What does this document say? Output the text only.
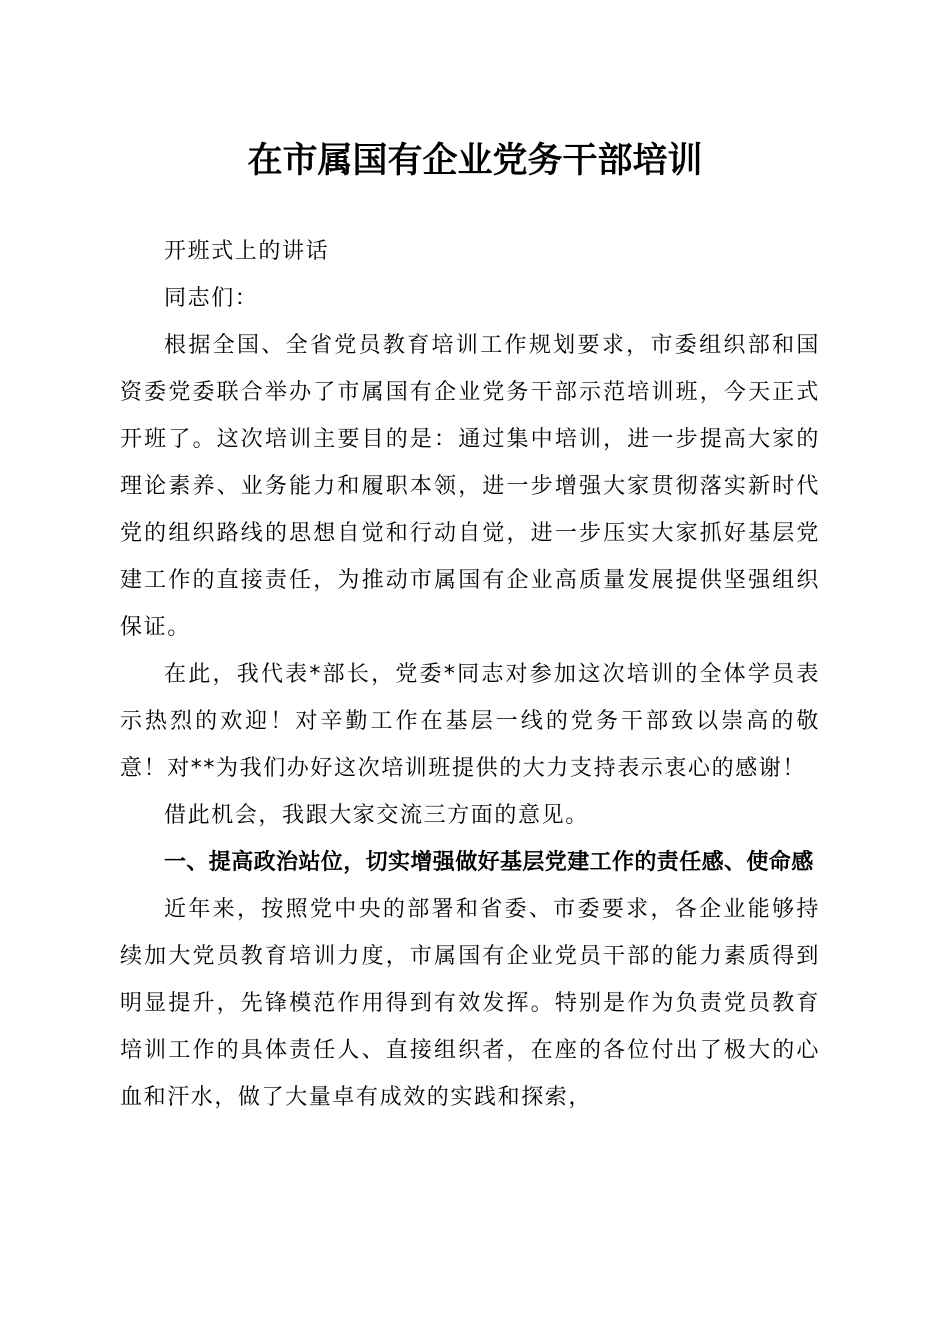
在市属国有企业党务干部培训

开班式上的讲话

同志们：

根据全国、全省党员教育培训工作规划要求，市委组织部和国资委党委联合举办了市属国有企业党务干部示范培训班，今天正式开班了。这次培训主要目的是：通过集中培训，进一步提高大家的理论素养、业务能力和履职本领，进一步增强大家贯彻落实新时代党的组织路线的思想自觉和行动自觉，进一步压实大家抓好基层党建工作的直接责任，为推动市属国有企业高质量发展提供坚强组织保证。

在此，我代表*部长，党委*同志对参加这次培训的全体学员表示热烈的欢迎！对辛勤工作在基层一线的党务干部致以崇高的敬意！对**为我们办好这次培训班提供的大力支持表示衷心的感谢！

借此机会，我跟大家交流三方面的意见。

一、提高政治站位，切实增强做好基层党建工作的责任感、使命感

近年来，按照党中央的部署和省委、市委要求，各企业能够持续加大党员教育培训力度，市属国有企业党员干部的能力素质得到明显提升，先锋模范作用得到有效发挥。特别是作为负责党员教育培训工作的具体责任人、直接组织者，在座的各位付出了极大的心血和汗水，做了大量卓有成效的实践和探索，
